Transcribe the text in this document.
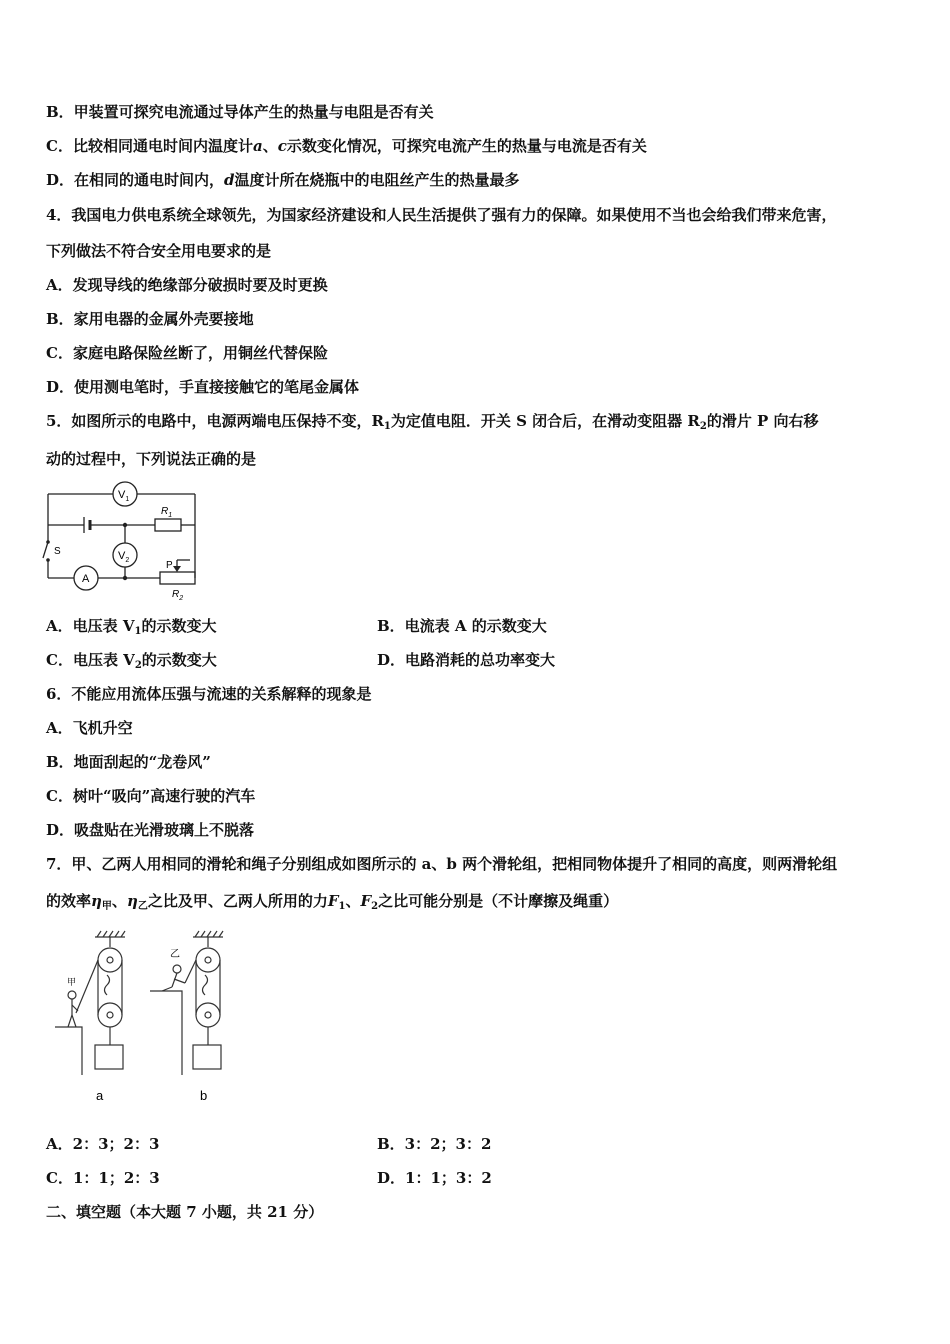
B．甲装置可探究电流通过导体产生的热量与电阻是否有关
C．比较相同通电时间内温度计a、c示数变化情况，可探究电流产生的热量与电流是否有关
D．在相同的通电时间内，d温度计所在烧瓶中的电阻丝产生的热量最多
4．我国电力供电系统全球领先，为国家经济建设和人民生活提供了强有力的保障。如果使用不当也会给我们带来危害，
下列做法不符合安全用电要求的是
A．发现导线的绝缘部分破损时要及时更换
B．家用电器的金属外壳要接地
C．家庭电路保险丝断了，用铜丝代替保险
D．使用测电笔时，手直接接触它的笔尾金属体
5．如图所示的电路中，电源两端电压保持不变，$R_1$为定值电阻．开关 S 闭合后，在滑动变阻器 $R_2$的滑片 P 向右移
动的过程中，下列说法正确的是
$V_1$
$V_2$
$R_1$
$R_2$
A
S
P
A．电压表 $V_1$的示数变大	B．电流表 A 的示数变大
C．电压表 $V_2$的示数变大	D．电路消耗的总功率变大
6．不能应用流体压强与流速的关系解释的现象是
A．飞机升空
B．地面刮起的“龙卷风”
C．树叶“吸向”高速行驶的汽车
D．吸盘贴在光滑玻璃上不脱落
7．甲、乙两人用相同的滑轮和绳子分别组成如图所示的 a、b 两个滑轮组，把相同物体提升了相同的高度，则两滑轮组
的效率$\eta_甲$、$\eta_乙$之比及甲、乙两人所用的力$F_1$、$F_2$之比可能分别是（不计摩擦及绳重）
甲
乙
a	b
A．2：3；2：3	B．3：2；3：2
C．1：1；2：3	D．1：1；3：2
二、填空题（本大题 7 小题，共 21 分）
